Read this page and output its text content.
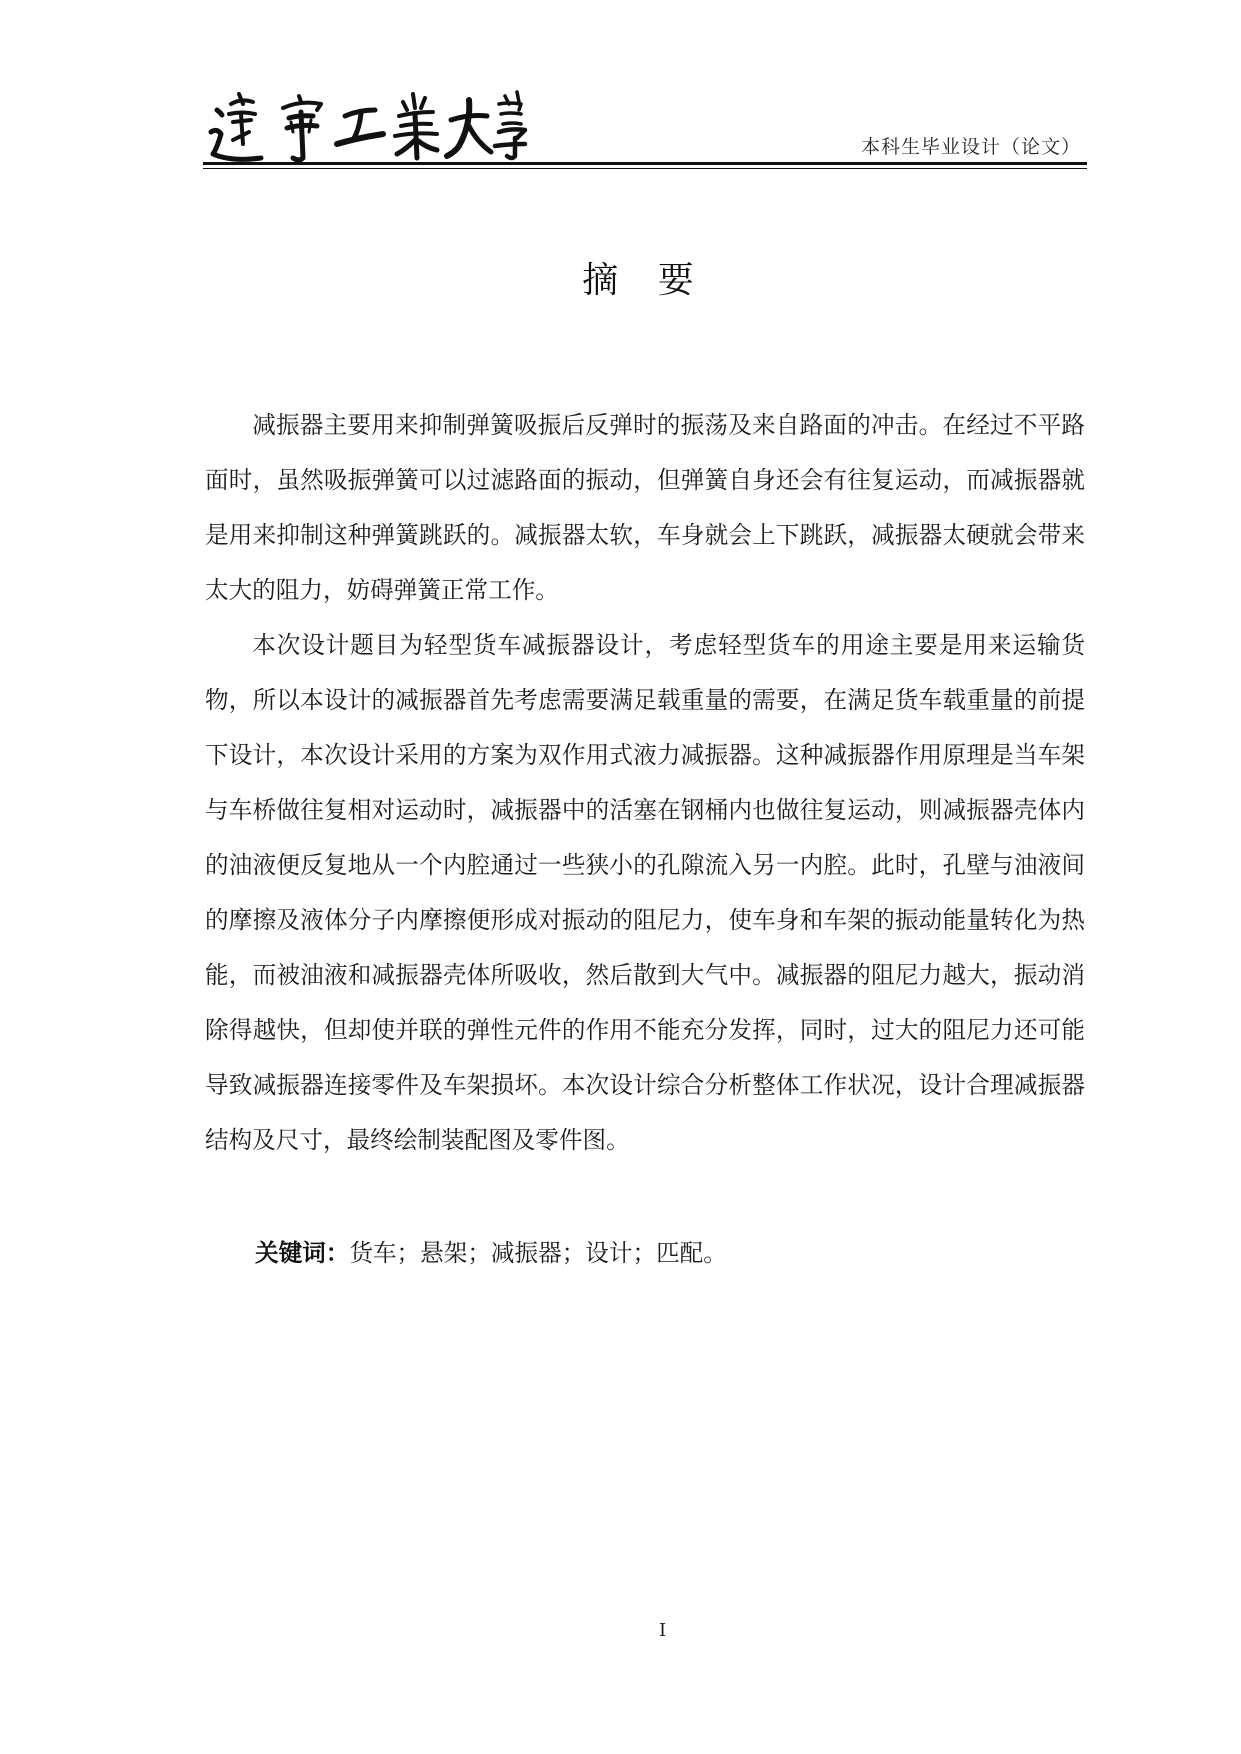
本科生毕业设计（论文）
摘 要

减振器主要用来抑制弹簧吸振后反弹时的振荡及来自路面的冲击。在经过不平路面时，虽然吸振弹簧可以过滤路面的振动，但弹簧自身还会有往复运动，而减振器就是用来抑制这种弹簧跳跃的。减振器太软，车身就会上下跳跃，减振器太硬就会带来太大的阻力，妨碍弹簧正常工作。

本次设计题目为轻型货车减振器设计，考虑轻型货车的用途主要是用来运输货物，所以本设计的减振器首先考虑需要满足载重量的需要，在满足货车载重量的前提下设计，本次设计采用的方案为双作用式液力减振器。这种减振器作用原理是当车架与车桥做往复相对运动时，减振器中的活塞在钢桶内也做往复运动，则减振器壳体内的油液便反复地从一个内腔通过一些狭小的孔隙流入另一内腔。此时，孔壁与油液间的摩擦及液体分子内摩擦便形成对振动的阻尼力，使车身和车架的振动能量转化为热能，而被油液和减振器壳体所吸收，然后散到大气中。减振器的阻尼力越大，振动消除得越快，但却使并联的弹性元件的作用不能充分发挥，同时，过大的阻尼力还可能导致减振器连接零件及车架损坏。本次设计综合分析整体工作状况，设计合理减振器结构及尺寸，最终绘制装配图及零件图。

关键词：货车；悬架；减振器；设计；匹配。
I
